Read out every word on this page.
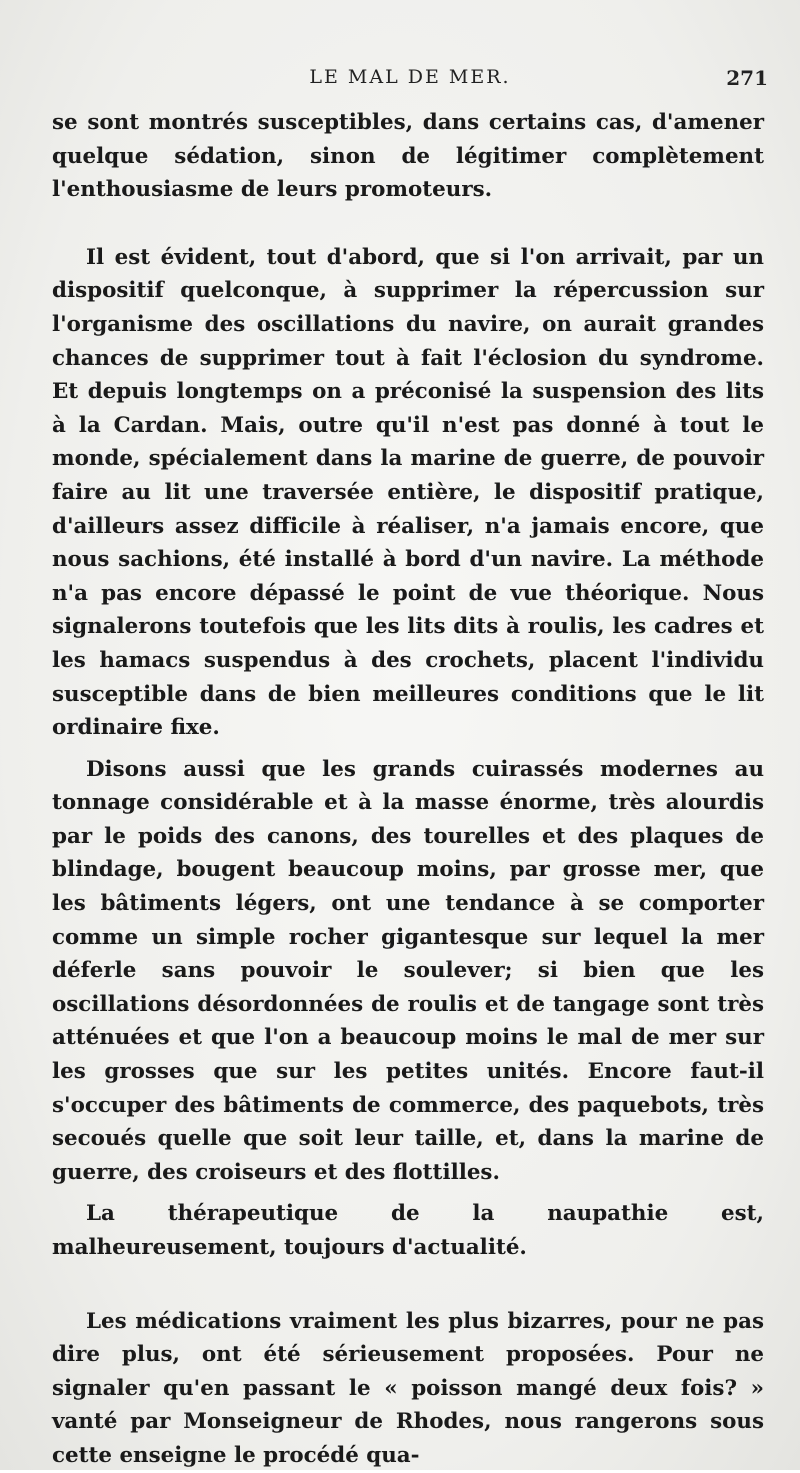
LE MAL DE MER.	271

se sont montrés susceptibles, dans certains cas, d'amener quelque sédation, sinon de légitimer complètement l'enthousiasme de leurs promoteurs.

Il est évident, tout d'abord, que si l'on arrivait, par un dispositif quelconque, à supprimer la répercussion sur l'organisme des oscillations du navire, on aurait grandes chances de supprimer tout à fait l'éclosion du syndrome. Et depuis longtemps on a préconisé la suspension des lits à la Cardan. Mais, outre qu'il n'est pas donné à tout le monde, spécialement dans la marine de guerre, de pouvoir faire au lit une traversée entière, le dispositif pratique, d'ailleurs assez difficile à réaliser, n'a jamais encore, que nous sachions, été installé à bord d'un navire. La méthode n'a pas encore dépassé le point de vue théorique. Nous signalerons toutefois que les lits dits à roulis, les cadres et les hamacs suspendus à des crochets, placent l'individu susceptible dans de bien meilleures conditions que le lit ordinaire fixe.

Disons aussi que les grands cuirassés modernes au tonnage considérable et à la masse énorme, très alourdis par le poids des canons, des tourelles et des plaques de blindage, bougent beaucoup moins, par grosse mer, que les bâtiments légers, ont une tendance à se comporter comme un simple rocher gigantesque sur lequel la mer déferle sans pouvoir le soulever; si bien que les oscillations désordonnées de roulis et de tangage sont très atténuées et que l'on a beaucoup moins le mal de mer sur les grosses que sur les petites unités. Encore faut-il s'occuper des bâtiments de commerce, des paquebots, très secoués quelle que soit leur taille, et, dans la marine de guerre, des croiseurs et des flottilles.

La thérapeutique de la naupathie est, malheureusement, toujours d'actualité.

Les médications vraiment les plus bizarres, pour ne pas dire plus, ont été sérieusement proposées. Pour ne signaler qu'en passant le « poisson mangé deux fois? » vanté par Monseigneur de Rhodes, nous rangerons sous cette enseigne le procédé qua-
